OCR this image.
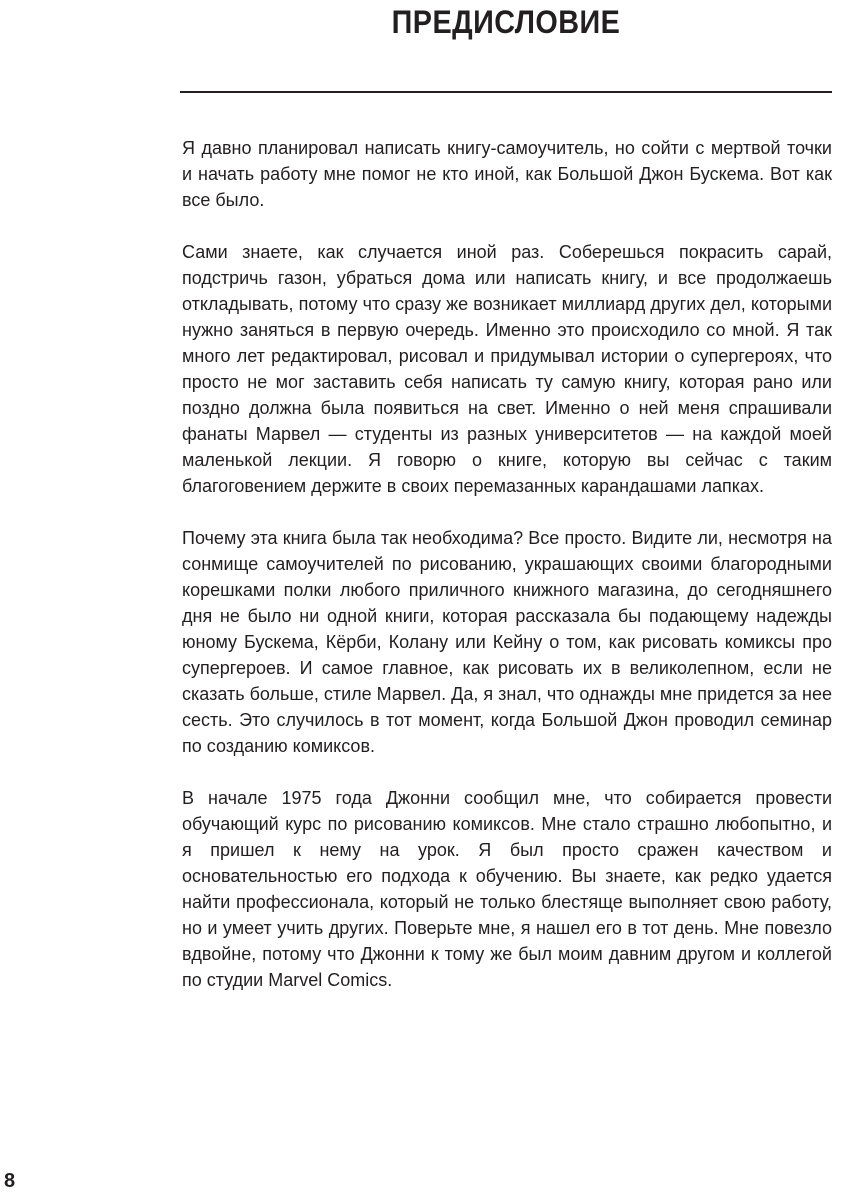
ПРЕДИСЛОВИЕ

Я давно планировал написать книгу-самоучитель, но сойти с мертвой точки и начать работу мне помог не кто иной, как Большой Джон Бускема. Вот как все было.

Сами знаете, как случается иной раз. Соберешься покрасить сарай, подстричь газон, убраться дома или написать книгу, и все продолжаешь откладывать, потому что сразу же возникает миллиард других дел, которыми нужно заняться в первую очередь. Именно это происходило со мной. Я так много лет редактировал, рисовал и придумывал истории о супергероях, что просто не мог заставить себя написать ту самую книгу, которая рано или поздно должна была появиться на свет. Именно о ней меня спрашивали фанаты Марвел — студенты из разных университетов — на каждой моей маленькой лекции. Я говорю о книге, которую вы сейчас с таким благоговением держите в своих перемазанных карандашами лапках.

Почему эта книга была так необходима? Все просто. Видите ли, несмотря на сонмище самоучителей по рисованию, украшающих своими благородными корешками полки любого приличного книжного магазина, до сегодняшнего дня не было ни одной книги, которая рассказала бы подающему надежды юному Бускема, Кёрби, Колану или Кейну о том, как рисовать комиксы про супергероев. И самое главное, как рисовать их в великолепном, если не сказать больше, стиле Марвел. Да, я знал, что однажды мне придется за нее сесть. Это случилось в тот момент, когда Большой Джон проводил семинар по созданию комиксов.

В начале 1975 года Джонни сообщил мне, что собирается провести обучающий курс по рисованию комиксов. Мне стало страшно любопытно, и я пришел к нему на урок. Я был просто сражен качеством и основательностью его подхода к обучению. Вы знаете, как редко удается найти профессионала, который не только блестяще выполняет свою работу, но и умеет учить других. Поверьте мне, я нашел его в тот день. Мне повезло вдвойне, потому что Джонни к тому же был моим давним другом и коллегой по студии Marvel Comics.

8
